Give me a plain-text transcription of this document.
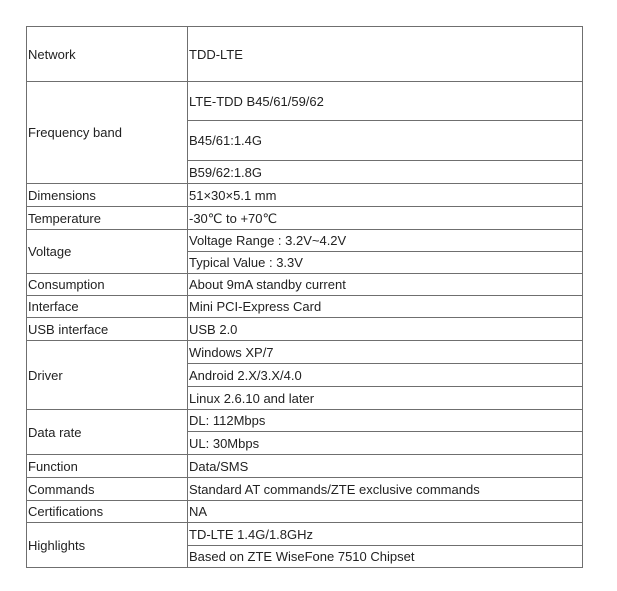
Network	TDD-LTE
Frequency band	LTE-TDD B45/61/59/62
	B45/61:1.4G
	B59/62:1.8G
Dimensions	51×30×5.1 mm
Temperature	-30℃ to +70℃
Voltage	Voltage Range : 3.2V~4.2V
	Typical Value : 3.3V
Consumption	About 9mA standby current
Interface	Mini PCI-Express Card
USB interface	USB 2.0
Driver	Windows XP/7
	Android 2.X/3.X/4.0
	Linux 2.6.10 and later
Data rate	DL: 112Mbps
	UL: 30Mbps
Function	Data/SMS
Commands	Standard AT commands/ZTE exclusive commands
Certifications	NA
Highlights	TD-LTE 1.4G/1.8GHz
	Based on ZTE WiseFone 7510 Chipset
